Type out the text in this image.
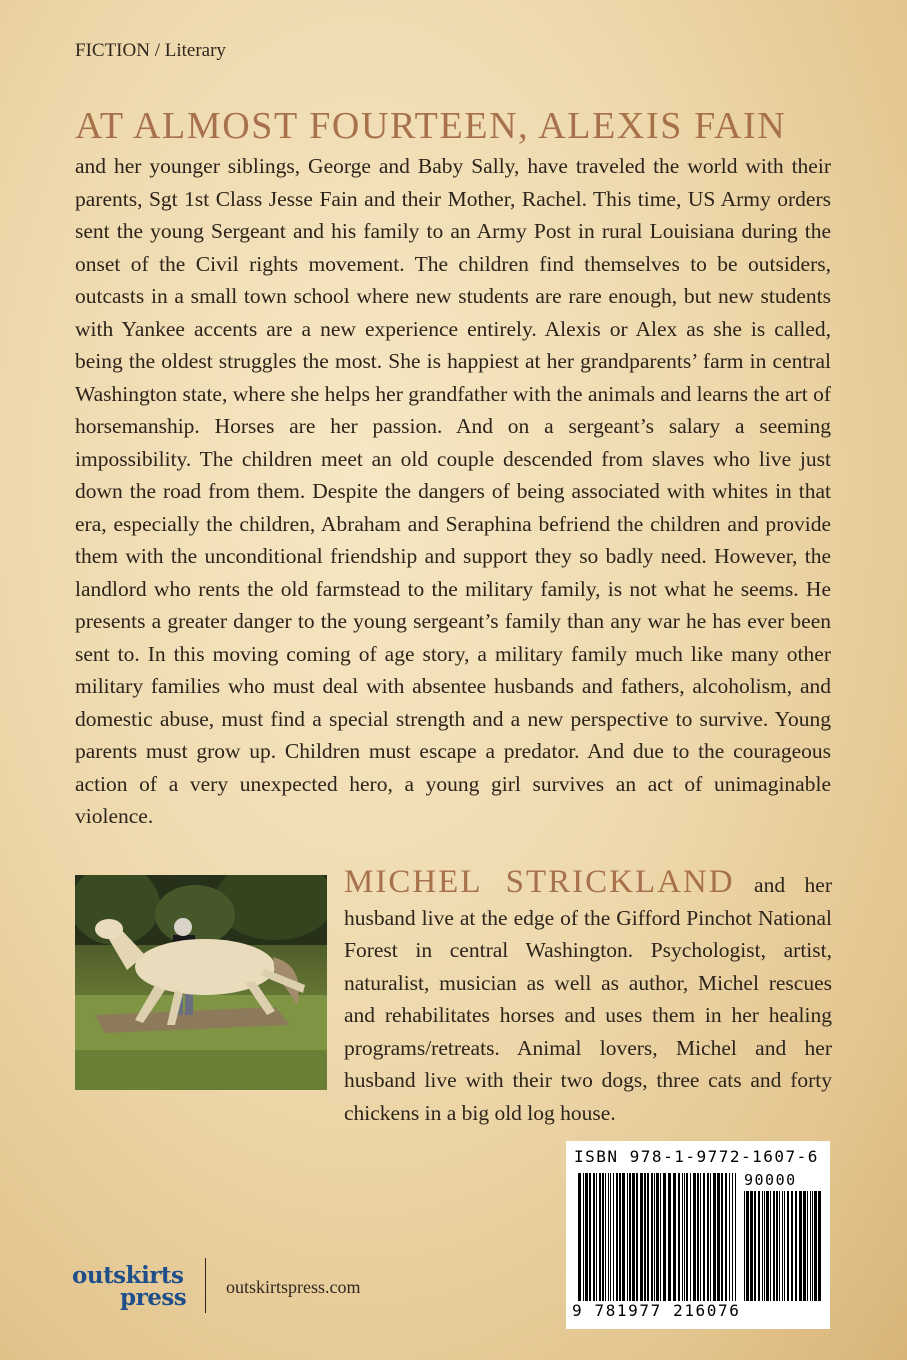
FICTION / Literary
AT ALMOST FOURTEEN, ALEXIS FAIN

and her younger siblings, George and Baby Sally, have traveled the world with their parents, Sgt 1st Class Jesse Fain and their Mother, Rachel. This time, US Army orders sent the young Sergeant and his family to an Army Post in rural Louisiana during the onset of the Civil rights movement. The children find themselves to be outsiders, outcasts in a small town school where new students are rare enough, but new students with Yankee accents are a new experience entirely. Alexis or Alex as she is called, being the oldest struggles the most. She is happiest at her grandparents’ farm in central Washington state, where she helps her grandfather with the animals and learns the art of horsemanship. Horses are her passion. And on a sergeant’s salary a seeming impossibility. The children meet an old couple descended from slaves who live just down the road from them. Despite the dangers of being associated with whites in that era, especially the children, Abraham and Seraphina befriend the children and provide them with the unconditional friendship and support they so badly need. However, the landlord who rents the old farmstead to the military family, is not what he seems. He presents a greater danger to the young sergeant’s family than any war he has ever been sent to. In this moving coming of age story, a military family much like many other military families who must deal with absentee husbands and fathers, alcoholism, and domestic abuse, must find a special strength and a new perspective to survive. Young parents must grow up. Children must escape a predator. And due to the courageous action of a very unexpected hero, a young girl survives an act of unimaginable violence.

MICHEL STRICKLAND and her husband live at the edge of the Gifford Pinchot National Forest in central Washington. Psychologist, artist, naturalist, musician as well as author, Michel rescues and rehabilitates horses and uses them in her healing programs/retreats. Animal lovers, Michel and her husband live with their two dogs, three cats and forty chickens in a big old log house.

ISBN 978-1-9772-1607-6
90000
9 781977 216076
outskirts
press outskirtspress.com
